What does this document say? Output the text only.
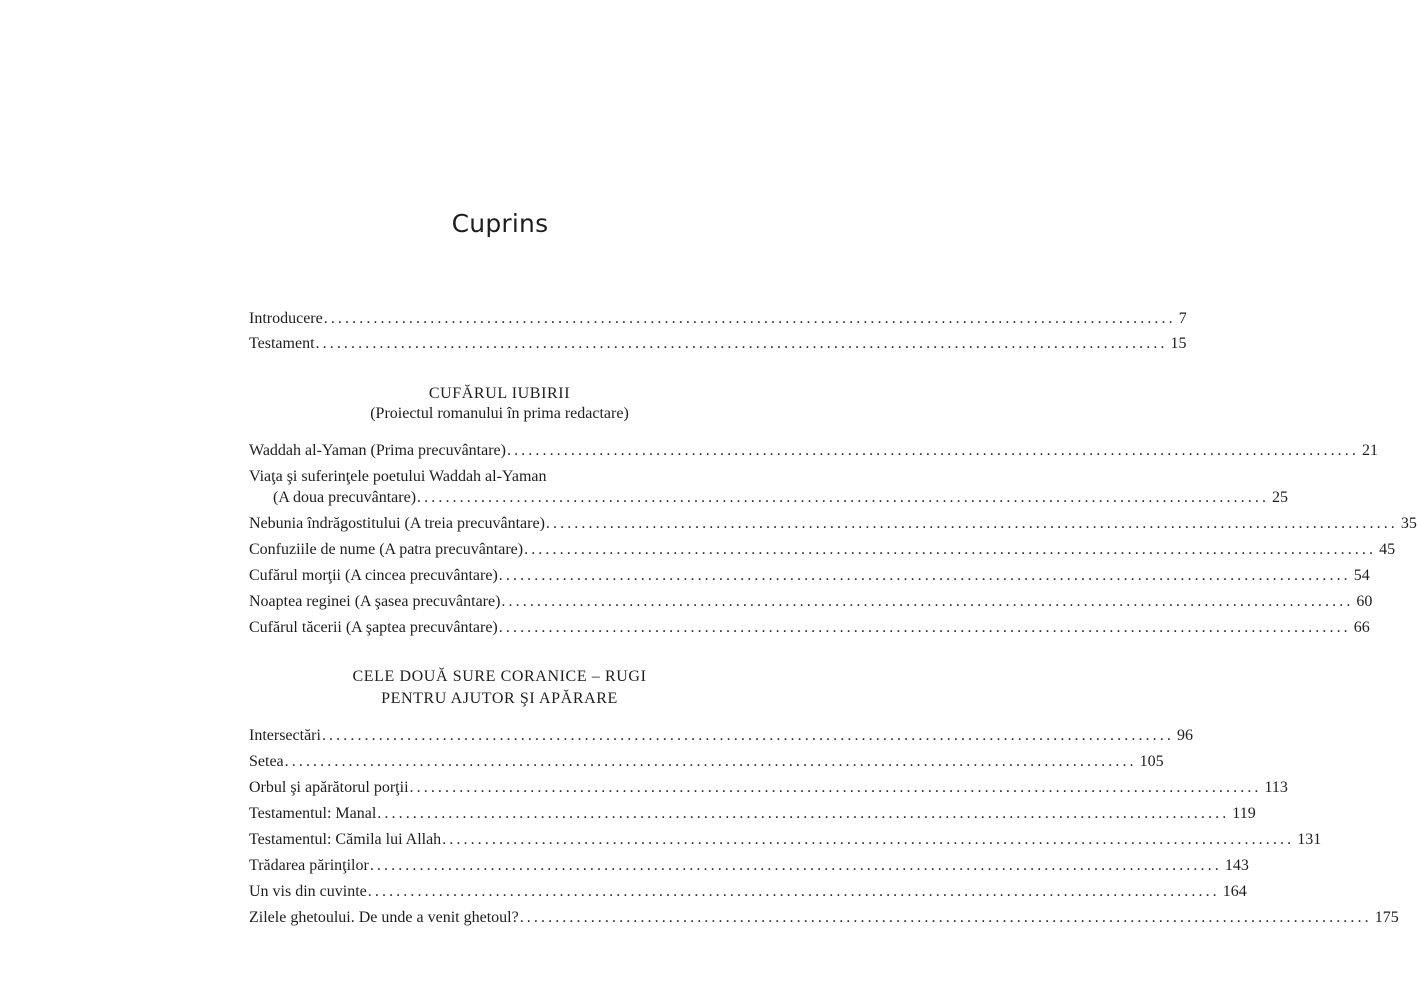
Cuprins
Introducere ........................................................................................................................ 7
Testament ........................................................................................................................ 15
CUFĂRUL IUBIRII
(Proiectul romanului în prima redactare)
Waddah al-Yaman (Prima precuvântare) ........................................................................................................................ 21
Viaţa şi suferinţele poetului Waddah al-Yaman
(A doua precuvântare) ........................................................................................................................ 25
Nebunia îndrăgostitului (A treia precuvântare) ........................................................................................................................ 35
Confuziile de nume (A patra precuvântare) ........................................................................................................................ 45
Cufărul morţii (A cincea precuvântare) ........................................................................................................................ 54
Noaptea reginei (A şasea precuvântare) ........................................................................................................................ 60
Cufărul tăcerii (A şaptea precuvântare) ........................................................................................................................ 66
CELE DOUĂ SURE CORANICE – RUGI
PENTRU AJUTOR ŞI APĂRARE
Intersectări ........................................................................................................................ 96
Setea ........................................................................................................................ 105
Orbul şi apărătorul porţii ........................................................................................................................ 113
Testamentul: Manal ........................................................................................................................ 119
Testamentul: Cămila lui Allah ........................................................................................................................ 131
Trădarea părinţilor ........................................................................................................................ 143
Un vis din cuvinte ........................................................................................................................ 164
Zilele ghetoului. De unde a venit ghetoul? ........................................................................................................................ 175
